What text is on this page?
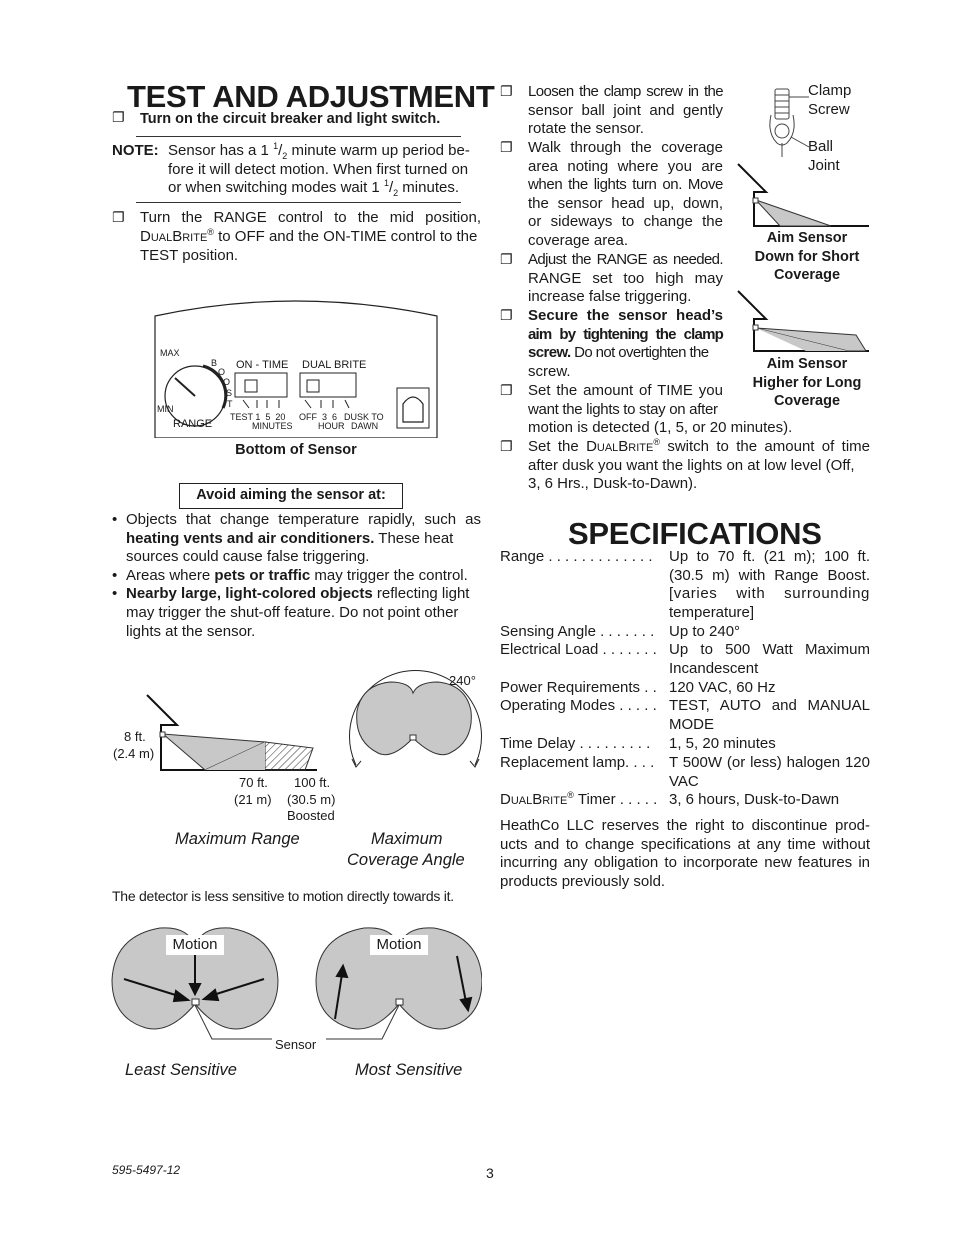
TEST AND ADJUSTMENT
❐ Turn on the circuit breaker and light switch.
NOTE: Sensor has a 1 $^1/_2$ minute warm up period be-
fore it will detect motion. When first turned on
or when switching modes wait 1 $^1/_2$ minutes.
❐ Turn the RANGE control to the mid position,
DualBrite® to OFF and the ON-TIME control to the
TEST position.
MAX
MIN
RANGE
B
O
O
S
T
ON - TIME DUAL BRITE
TEST 1  5  20
MINUTES
OFF  3  6
HOUR
DUSK TO
DAWN
Bottom of Sensor
Avoid aiming the sensor at:
• Objects that change temperature rapidly, such as
heating vents and air conditioners. These heat
sources could cause false triggering.
• Areas where pets or traffic may trigger the control.
• Nearby large, light-colored objects reflecting light
may trigger the shut-off feature. Do not point other
lights at the sensor.
8 ft.
(2.4 m)
70 ft.
(21 m)
100 ft.
(30.5 m)
Boosted
240°
Maximum Range	Maximum
Coverage Angle
The detector is less sensitive to motion directly towards it.
Motion	Motion
Sensor
Least Sensitive	Most Sensitive
595-5497-12	3
❐ Loosen the clamp screw in the
sensor ball joint and gently
rotate the sensor.
❐ Walk through the coverage
area noting where you are
when the lights turn on. Move
the sensor head up, down,
or sideways to change the
coverage area.
❐ Adjust the RANGE as needed.
RANGE set too high may
increase false triggering.
❐ Secure the sensor head’s
aim by tightening the clamp
screw. Do not overtighten the
screw.
❐ Set the amount of TIME you
want the lights to stay on after
motion is detected (1, 5, or 20 minutes).
❐ Set the DualBrite® switch to the amount of time
after dusk you want the lights on at low level (Off,
3, 6 Hrs., Dusk-to-Dawn).
Clamp
Screw
Ball
Joint
Aim Sensor
Down for Short
Coverage
Aim Sensor
Higher for Long
Coverage
SPECIFICATIONS
Range . . . . . . . . . . . . . Up to 70 ft. (21 m); 100 ft.
(30.5 m) with Range Boost.
[varies with surrounding
temperature]
Sensing Angle . . . . . . . Up to 240°
Electrical Load . . . . . . . Up to 500 Watt Maximum
Incandescent
Power Requirements . . 120 VAC, 60 Hz
Operating Modes . . . . . TEST, AUTO and MANUAL
MODE
Time Delay . . . . . . . . . 1, 5, 20 minutes
Replacement lamp. . . . T 500W (or less) halogen 120
VAC
DualBrite® Timer . . . . . 3, 6 hours, Dusk-to-Dawn
HeathCo LLC reserves the right to discontinue prod-
ucts and to change specifications at any time without
incurring any obligation to incorporate new features in
products previously sold.
